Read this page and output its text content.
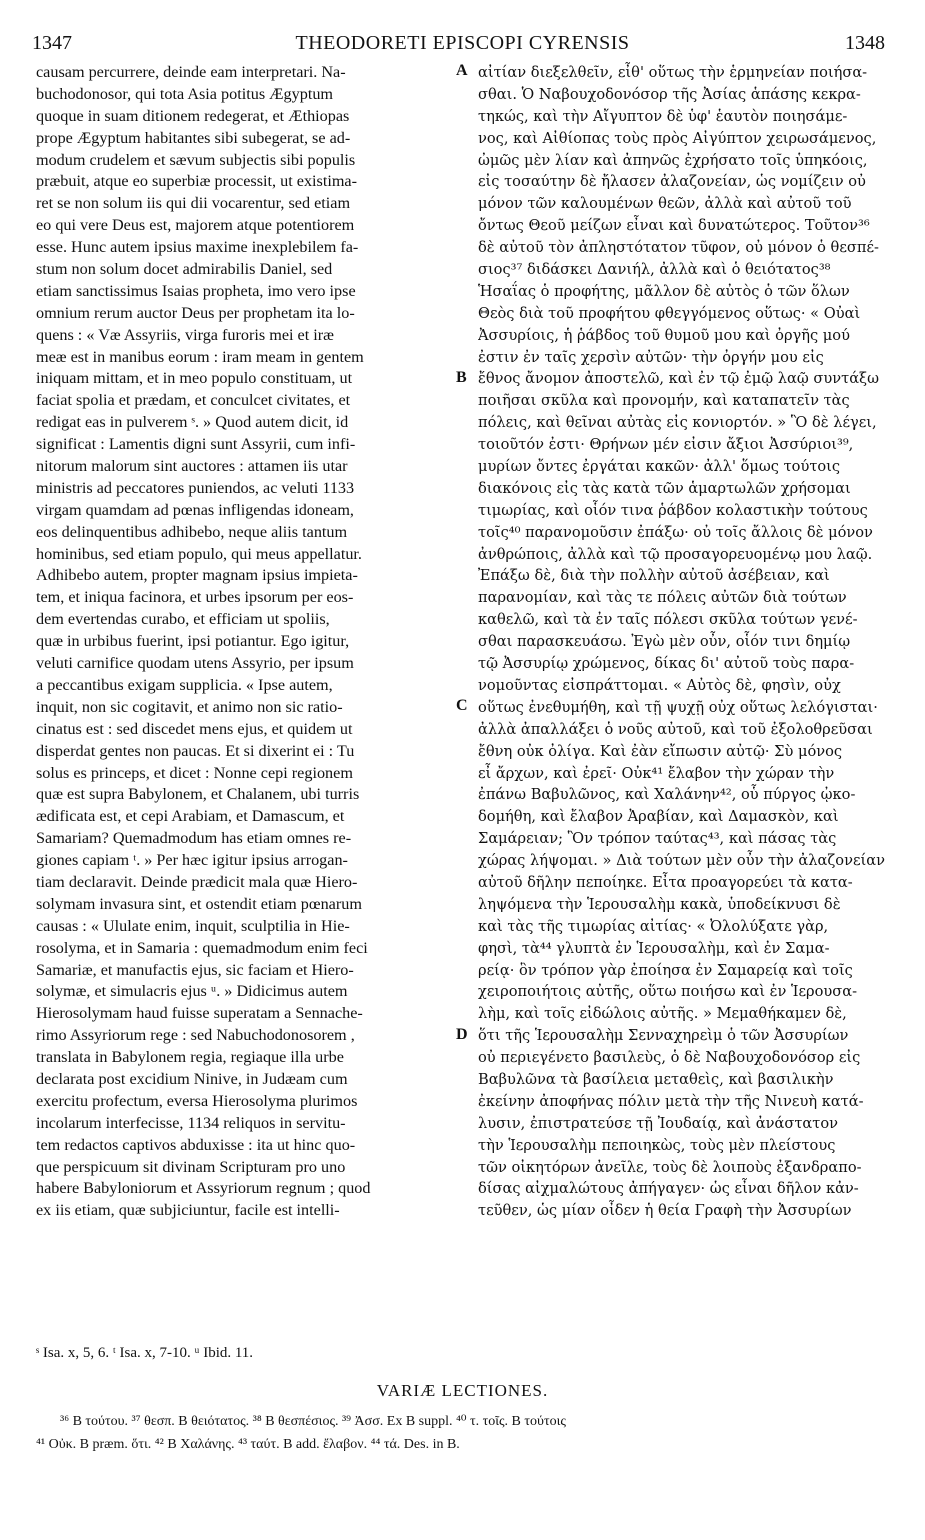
1347	THEODORETI EPISCOPI CYRENSIS	1348
causam percurrere, deinde eam interpretari. Na-
buchodonosor, qui tota Asia potitus Ægyptum
quoque in suam ditionem redegerat, et Æthiopas
prope Ægyptum habitantes sibi subegerat, se ad-
modum crudelem et sævum subjectis sibi populis
præbuit, atque eo superbiæ processit, ut existima-
ret se non solum iis qui dii vocarentur, sed etiam
eo qui vere Deus est, majorem atque potentiorem
esse. Hunc autem ipsius maxime inexplebilem fa-
stum non solum docet admirabilis Daniel, sed
etiam sanctissimus Isaias propheta, imo vero ipse
omnium rerum auctor Deus per prophetam ita lo-
quens : « Væ Assyriis, virga furoris mei et iræ
meæ est in manibus eorum : iram meam in gentem
iniquam mittam, et in meo populo constituam, ut
faciat spolia et prædam, et conculcet civitates, et
redigat eas in pulverem ˢ. » Quod autem dicit, id
significat : Lamentis digni sunt Assyrii, cum infi-
nitorum malorum sint auctores : attamen iis utar
ministris ad peccatores puniendos, ac veluti 1133
virgam quamdam ad pœnas infligendas idoneam,
eos delinquentibus adhibebo, neque aliis tantum
hominibus, sed etiam populo, qui meus appellatur.
Adhibebo autem, propter magnam ipsius impieta-
tem, et iniqua facinora, et urbes ipsorum per eos-
dem evertendas curabo, et efficiam ut spoliis,
quæ in urbibus fuerint, ipsi potiantur. Ego igitur,
veluti carnifice quodam utens Assyrio, per ipsum
a peccantibus exigam supplicia. « Ipse autem,
inquit, non sic cogitavit, et animo non sic ratio-
cinatus est : sed discedet mens ejus, et quidem ut
disperdat gentes non paucas. Et si dixerint ei : Tu
solus es princeps, et dicet : Nonne cepi regionem
quæ est supra Babylonem, et Chalanem, ubi turris
ædificata est, et cepi Arabiam, et Damascum, et
Samariam? Quemadmodum has etiam omnes re-
giones capiam ᵗ. » Per hæc igitur ipsius arrogan-
tiam declaravit. Deinde prædicit mala quæ Hiero-
solymam invasura sint, et ostendit etiam pœnarum
causas : « Ululate enim, inquit, sculptilia in Hie-
rosolyma, et in Samaria : quemadmodum enim feci
Samariæ, et manufactis ejus, sic faciam et Hiero-
solymæ, et simulacris ejus ᵘ. » Didicimus autem
Hierosolymam haud fuisse superatam a Sennache-
rimo Assyriorum rege : sed Nabuchodonosorem ,
translata in Babylonem regia, regiaque illa urbe
declarata post excidium Ninive, in Judæam cum
exercitu profectum, eversa Hierosolyma plurimos
incolarum interfecisse, 1134 reliquos in servitu-
tem redactos captivos abduxisse : ita ut hinc quo-
que perspicuum sit divinam Scripturam pro uno
habere Babyloniorum et Assyriorum regnum ; quod
ex iis etiam, quæ subjiciuntur, facile est intelli-
αἰτίαν διεξελθεῖν, εἶθ' οὕτως τὴν ἑρμηνείαν ποιήσα-
σθαι. Ὁ Ναβουχοδονόσορ τῆς Ἀσίας ἁπάσης κεκρα-
τηκώς, καὶ τὴν Αἴγυπτον δὲ ὑφ' ἑαυτὸν ποιησάμε-
νος, καὶ Αἰθίοπας τοὺς πρὸς Αἰγύπτον χειρωσάμενος,
ὠμῶς μὲν λίαν καὶ ἀπηνῶς ἐχρήσατο τοῖς ὑπηκόοις,
εἰς τοσαύτην δὲ ἤλασεν ἀλαζονείαν, ὡς νομίζειν οὐ
μόνον τῶν καλουμένων θεῶν, ἀλλὰ καὶ αὐτοῦ τοῦ
ὄντως Θεοῦ μείζων εἶναι καὶ δυνατώτερος. Τοῦτον³⁶
δὲ αὐτοῦ τὸν ἀπληστότατον τῦφον, οὐ μόνον ὁ θεσπέ-
σιος³⁷ διδάσκει Δανιήλ, ἀλλὰ καὶ ὁ θειότατος³⁸
Ἡσαΐας ὁ προφήτης, μᾶλλον δὲ αὐτὸς ὁ τῶν ὅλων
Θεὸς διὰ τοῦ προφήτου φθεγγόμενος οὕτως· « Οὐαὶ
Ἀσσυρίοις, ἡ ῥάβδος τοῦ θυμοῦ μου καὶ ὀργῆς μού
ἐστιν ἐν ταῖς χερσὶν αὐτῶν· τὴν ὀργήν μου εἰς
ἔθνος ἄνομον ἀποστελῶ, καὶ ἐν τῷ ἐμῷ λαῷ συντάξω
ποιῆσαι σκῦλα καὶ προνομήν, καὶ καταπατεῖν τὰς
πόλεις, καὶ θεῖναι αὐτὰς εἰς κονιορτόν. » Ὃ δὲ λέγει,
τοιοῦτόν ἐστι· Θρήνων μέν εἰσιν ἄξιοι Ἀσσύριοι³⁹,
μυρίων ὄντες ἐργάται κακῶν· ἀλλ' ὅμως τούτοις
διακόνοις εἰς τὰς κατὰ τῶν ἁμαρτωλῶν χρήσομαι
τιμωρίας, καὶ οἷόν τινα ῥάβδον κολαστικὴν τούτους
τοῖς⁴⁰ παρανομοῦσιν ἐπάξω· οὐ τοῖς ἄλλοις δὲ μόνον
ἀνθρώποις, ἀλλὰ καὶ τῷ προσαγορευομένῳ μου λαῷ.
Ἐπάξω δὲ, διὰ τὴν πολλὴν αὐτοῦ ἀσέβειαν, καὶ
παρανομίαν, καὶ τὰς τε πόλεις αὐτῶν διὰ τούτων
καθελῶ, καὶ τὰ ἐν ταῖς πόλεσι σκῦλα τούτων γενέ-
σθαι παρασκευάσω. Ἐγὼ μὲν οὖν, οἷόν τινι δημίῳ
τῷ Ἀσσυρίῳ χρώμενος, δίκας δι' αὐτοῦ τοὺς παρα-
νομοῦντας εἰσπράττομαι. « Αὐτὸς δὲ, φησὶν, οὐχ
οὕτως ἐνεθυμήθη, καὶ τῇ ψυχῇ οὐχ οὕτως λελόγισται·
ἀλλὰ ἀπαλλάξει ὁ νοῦς αὐτοῦ, καὶ τοῦ ἐξολοθρεῦσαι
ἔθνη οὐκ ὀλίγα. Καὶ ἐὰν εἴπωσιν αὐτῷ· Σὺ μόνος
εἶ ἄρχων, καὶ ἐρεῖ· Οὐκ⁴¹ ἔλαβον τὴν χώραν τὴν
ἐπάνω Βαβυλῶνος, καὶ Χαλάνην⁴², οὗ πύργος ᾠκο-
δομήθη, καὶ ἔλαβον Ἀραβίαν, καὶ Δαμασκὸν, καὶ
Σαμάρειαν; Ὃν τρόπον ταύτας⁴³, καὶ πάσας τὰς
χώρας λήψομαι. » Διὰ τούτων μὲν οὖν τὴν ἀλαζονείαν
αὐτοῦ δῆλην πεποίηκε. Εἶτα προαγορεύει τὰ κατα-
ληψόμενα τὴν Ἱερουσαλὴμ κακὰ, ὑποδείκνυσι δὲ
καὶ τὰς τῆς τιμωρίας αἰτίας· « Ὀλολύξατε γὰρ,
φησὶ, τὰ⁴⁴ γλυπτὰ ἐν Ἱερουσαλὴμ, καὶ ἐν Σαμα-
ρείᾳ· ὃν τρόπον γὰρ ἐποίησα ἐν Σαμαρείᾳ καὶ τοῖς
χειροποιήτοις αὐτῆς, οὕτω ποιήσω καὶ ἐν Ἱερουσα-
λὴμ, καὶ τοῖς εἰδώλοις αὐτῆς. » Μεμαθήκαμεν δὲ,
ὅτι τῆς Ἱερουσαλὴμ Σενναχηρεὶμ ὁ τῶν Ἀσσυρίων
οὐ περιεγένετο βασιλεὺς, ὁ δὲ Ναβουχοδονόσορ εἰς
Βαβυλῶνα τὰ βασίλεια μεταθεὶς, καὶ βασιλικὴν
ἐκείνην ἀποφήνας πόλιν μετὰ τὴν τῆς Νινευὴ κατά-
λυσιν, ἐπιστρατεύσε τῇ Ἰουδαίᾳ, καὶ ἀνάστατον
τὴν Ἱερουσαλὴμ πεποιηκὼς, τοὺς μὲν πλείστους
τῶν οἰκητόρων ἀνεῖλε, τοὺς δὲ λοιποὺς ἐξανδραπο-
δίσας αἰχμαλώτους ἀπήγαγεν· ὡς εἶναι δῆλον κἀν-
τεῦθεν, ὡς μίαν οἶδεν ἡ θεία Γραφὴ τὴν Ἀσσυρίων
A
B
C
D
ˢ Isa. x, 5, 6. ᵗ Isa. x, 7-10. ᵘ Ibid. 11.
VARIÆ LECTIONES.
³⁶ Β τούτου. ³⁷ θεσπ. Β θειότατος. ³⁸ Β θεσπέσιος. ³⁹ Ἀσσ. Ex Β suppl. ⁴⁰ τ. τοῖς. Β τούτοις
⁴¹ Οὐκ. Β præm. ὅτι. ⁴² Β Χαλάνης. ⁴³ ταύτ. Β add. ἔλαβον. ⁴⁴ τά. Des. in Β.
